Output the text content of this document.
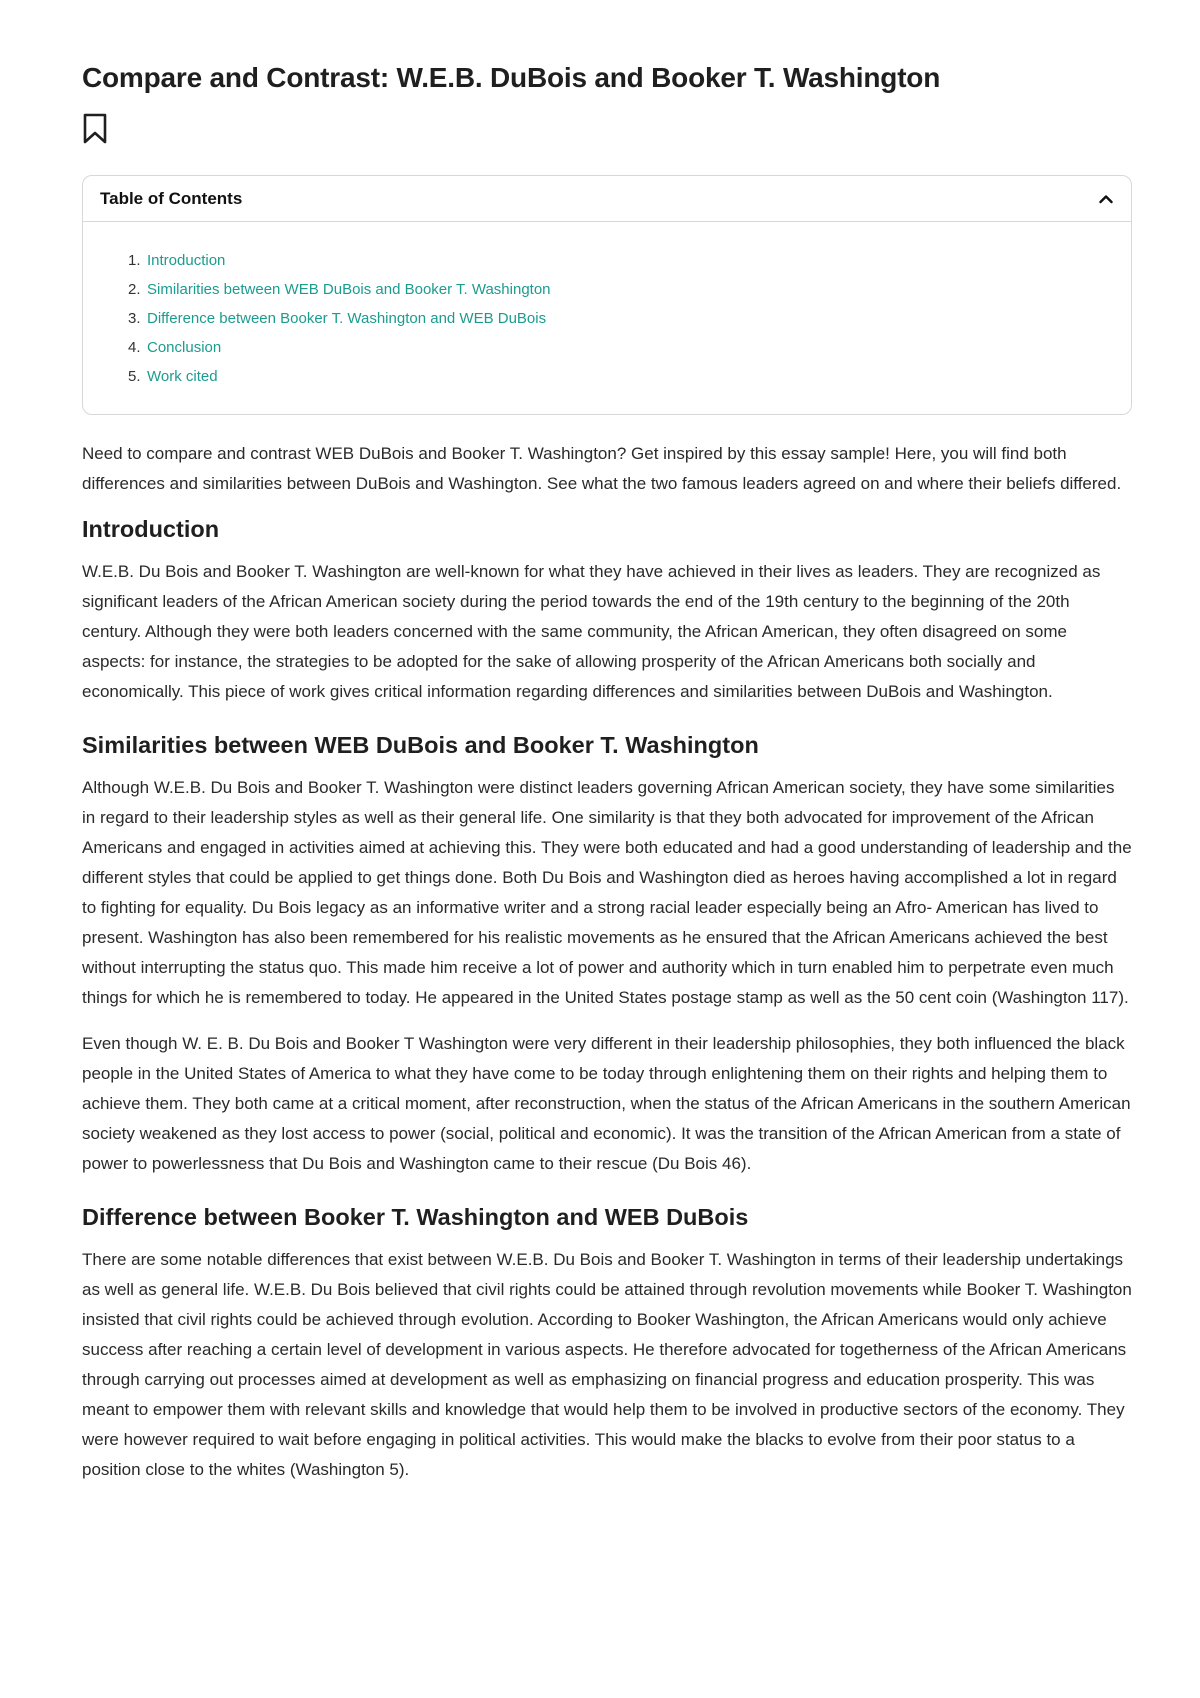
Compare and Contrast: W.E.B. DuBois and Booker T. Washington
Table of Contents
1. Introduction
2. Similarities between WEB DuBois and Booker T. Washington
3. Difference between Booker T. Washington and WEB DuBois
4. Conclusion
5. Work cited

Need to compare and contrast WEB DuBois and Booker T. Washington? Get inspired by this essay sample! Here, you will find both differences and similarities between DuBois and Washington. See what the two famous leaders agreed on and where their beliefs differed.

Introduction

W.E.B. Du Bois and Booker T. Washington are well-known for what they have achieved in their lives as leaders. They are recognized as significant leaders of the African American society during the period towards the end of the 19th century to the beginning of the 20th century. Although they were both leaders concerned with the same community, the African American, they often disagreed on some aspects: for instance, the strategies to be adopted for the sake of allowing prosperity of the African Americans both socially and economically. This piece of work gives critical information regarding differences and similarities between DuBois and Washington.

Similarities between WEB DuBois and Booker T. Washington

Although W.E.B. Du Bois and Booker T. Washington were distinct leaders governing African American society, they have some similarities in regard to their leadership styles as well as their general life. One similarity is that they both advocated for improvement of the African Americans and engaged in activities aimed at achieving this. They were both educated and had a good understanding of leadership and the different styles that could be applied to get things done. Both Du Bois and Washington died as heroes having accomplished a lot in regard to fighting for equality. Du Bois legacy as an informative writer and a strong racial leader especially being an Afro- American has lived to present. Washington has also been remembered for his realistic movements as he ensured that the African Americans achieved the best without interrupting the status quo. This made him receive a lot of power and authority which in turn enabled him to perpetrate even much things for which he is remembered to today. He appeared in the United States postage stamp as well as the 50 cent coin (Washington 117).

Even though W. E. B. Du Bois and Booker T Washington were very different in their leadership philosophies, they both influenced the black people in the United States of America to what they have come to be today through enlightening them on their rights and helping them to achieve them. They both came at a critical moment, after reconstruction, when the status of the African Americans in the southern American society weakened as they lost access to power (social, political and economic). It was the transition of the African American from a state of power to powerlessness that Du Bois and Washington came to their rescue (Du Bois 46).

Difference between Booker T. Washington and WEB DuBois

There are some notable differences that exist between W.E.B. Du Bois and Booker T. Washington in terms of their leadership undertakings as well as general life. W.E.B. Du Bois believed that civil rights could be attained through revolution movements while Booker T. Washington insisted that civil rights could be achieved through evolution. According to Booker Washington, the African Americans would only achieve success after reaching a certain level of development in various aspects. He therefore advocated for togetherness of the African Americans through carrying out processes aimed at development as well as emphasizing on financial progress and education prosperity. This was meant to empower them with relevant skills and knowledge that would help them to be involved in productive sectors of the economy. They were however required to wait before engaging in political activities. This would make the blacks to evolve from their poor status to a position close to the whites (Washington 5).
